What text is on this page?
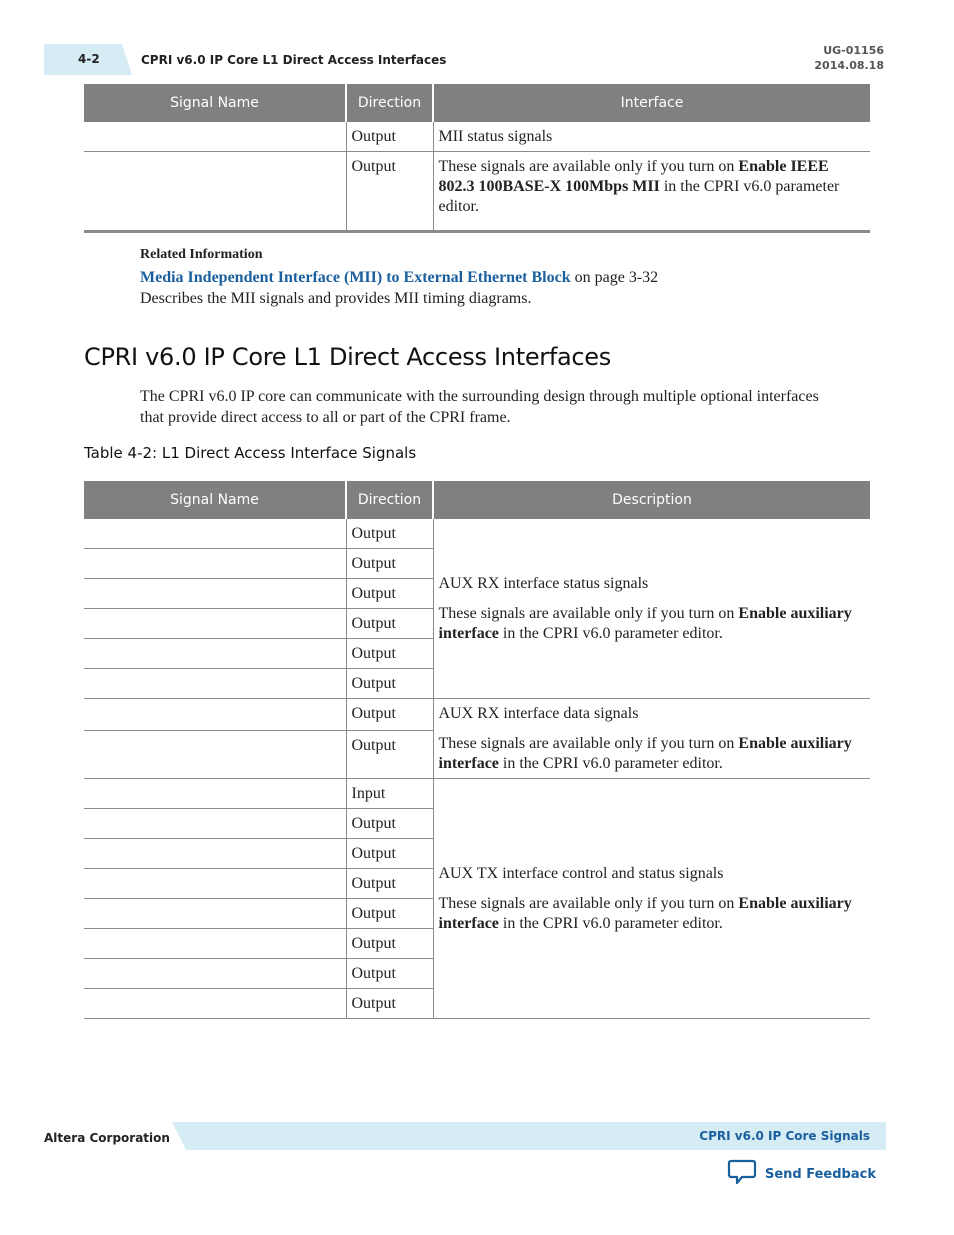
4-2	CPRI v6.0 IP Core L1 Direct Access Interfaces
UG-01156
2014.08.18
Signal Name	Direction	Interface
	Output	MII status signals
	Output	These signals are available only if you turn on Enable IEEE 802.3 100BASE-X 100Mbps MII in the CPRI v6.0 parameter editor.
Related Information
Media Independent Interface (MII) to External Ethernet Block on page 3-32
Describes the MII signals and provides MII timing diagrams.
CPRI v6.0 IP Core L1 Direct Access Interfaces

The CPRI v6.0 IP core can communicate with the surrounding design through multiple optional interfaces that provide direct access to all or part of the CPRI frame.

Table 4-2: L1 Direct Access Interface Signals
Signal Name	Direction	Description
	Output	AUX RX interface status signals

These signals are available only if you turn on Enable auxiliary interface in the CPRI v6.0 parameter editor.

	Output	
	Output	
	Output	
	Output	
	Output	
	Output	AUX RX interface data signals

These signals are available only if you turn on Enable auxiliary interface in the CPRI v6.0 parameter editor.

	Output	
	Input	AUX TX interface control and status signals

These signals are available only if you turn on Enable auxiliary interface in the CPRI v6.0 parameter editor.

	Output	
	Output	
	Output	
	Output	
	Output	
	Output	
	Output	
Altera Corporation	CPRI v6.0 IP Core Signals
Send Feedback
